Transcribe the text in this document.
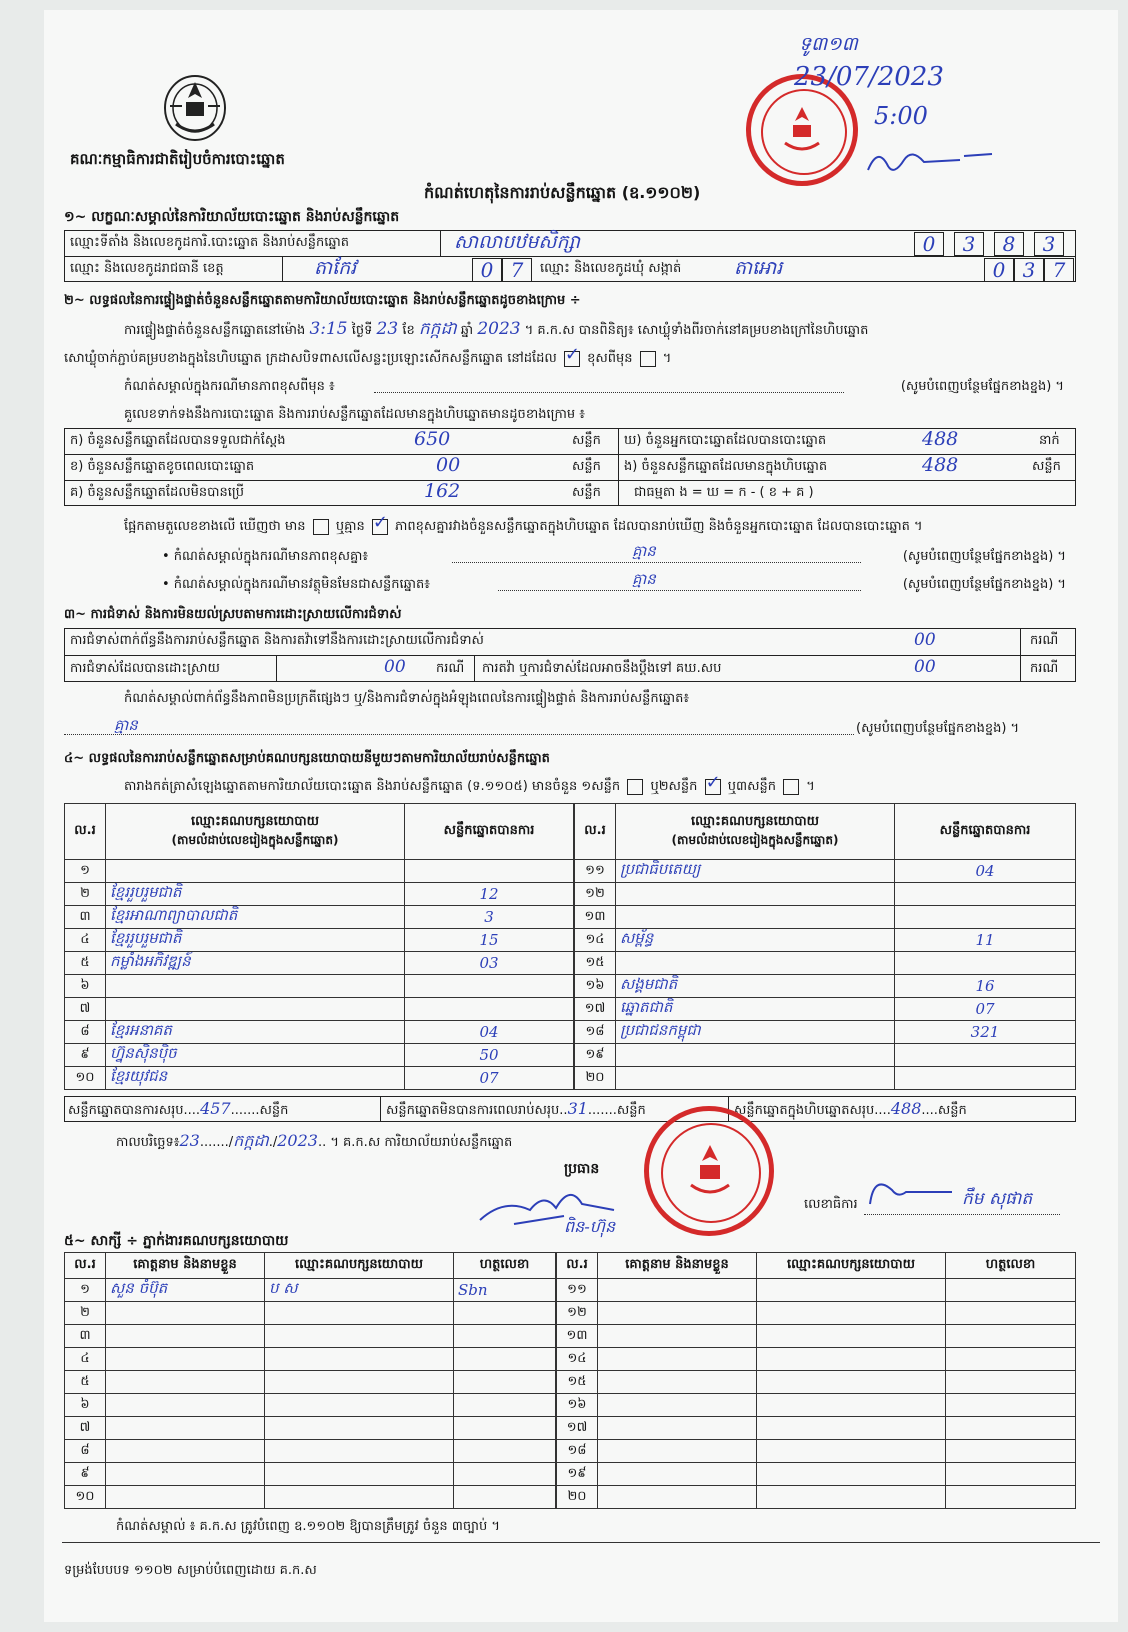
គណៈកម្មាធិការជាតិរៀបចំការបោះឆ្នោត
ទូ៣១៣
23/07/2023
5:00
កំណត់ហេតុនៃការរាប់សន្លឹកឆ្នោត (ឧ.១១០២)
១~ លក្ខណៈសម្គាល់នៃការិយាល័យបោះឆ្នោត និងរាប់សន្លឹកឆ្នោត
ឈ្មោះទីតាំង និងលេខកូដការិ.បោះឆ្នោត និងរាប់សន្លឹកឆ្នោត	សាលាបឋមសិក្សា	0	3	8	3
ឈ្មោះ និងលេខកូដរាជធានី ខេត្ត	តាកែវ	0 7	ឈ្មោះ និងលេខកូដឃុំ សង្កាត់	តាអោរ	0 3 7
២~ លទ្ធផលនៃការផ្ទៀងផ្ទាត់ចំនួនសន្លឹកឆ្នោតតាមការិយាល័យបោះឆ្នោត និងរាប់សន្លឹកឆ្នោតដូចខាងក្រោម ÷
ការផ្ទៀងផ្ទាត់ចំនួនសន្លឹកឆ្នោតនៅម៉ោង 3:15 ថ្ងៃទី 23 ខែ កក្កដា ឆ្នាំ 2023 ។ គ.ក.ស បានពិនិត្យ៖ សោឃ្លុំទាំងពីរចាក់នៅគម្របខាងក្រៅនៃហិបឆ្នោត
សោឃ្លុំចាក់ភ្ជាប់គម្របខាងក្នុងនៃហិបឆ្នោត ក្រដាសបិទពាសលើសន្លះប្រឡោះសើកសន្លឹកឆ្នោត នៅដដែល ✓ ខុសពីមុន  ។
កំណត់សម្គាល់ក្នុងករណីមានភាពខុសពីមុន ៖	(សូមបំពេញបន្ថែមផ្នែកខាងខ្នង) ។
គួលេខទាក់ទងនឹងការបោះឆ្នោត និងការរាប់សន្លឹកឆ្នោតដែលមានក្នុងហិបឆ្នោតមានដូចខាងក្រោម ៖
ក) ចំនួនសន្លឹកឆ្នោតដែលបានទទួលជាក់ស្តែង	650	សន្លឹក
ខ) ចំនួនសន្លឹកឆ្នោតខូចពេលបោះឆ្នោត	00	សន្លឹក
គ) ចំនួនសន្លឹកឆ្នោតដែលមិនបានប្រើ	162	សន្លឹក
ឃ) ចំនួនអ្នកបោះឆ្នោតដែលបានបោះឆ្នោត	488	នាក់
ង) ចំនួនសន្លឹកឆ្នោតដែលមានក្នុងហិបឆ្នោត	488	សន្លឹក
ជាធម្មតា ង = ឃ = ក - ( ខ + គ )
ផ្អែកតាមតួលេខខាងលើ ឃើញថា មាន ឬគ្មាន ✓ ភាពខុសគ្នារវាងចំនួនសន្លឹកឆ្នោតក្នុងហិបឆ្នោត ដែលបានរាប់ឃើញ និងចំនួនអ្នកបោះឆ្នោត ដែលបានបោះឆ្នោត ។
• កំណត់សម្គាល់ក្នុងករណីមានភាពខុសគ្នា៖	គ្មាន	(សូមបំពេញបន្ថែមផ្នែកខាងខ្នង) ។
• កំណត់សម្គាល់ក្នុងករណីមានវត្ថុមិនមែនជាសន្លឹកឆ្នោត៖	គ្មាន	(សូមបំពេញបន្ថែមផ្នែកខាងខ្នង) ។
៣~ ការជំទាស់ និងការមិនយល់ស្របតាមការដោះស្រាយលើការជំទាស់
ការជំទាស់ពាក់ព័ន្ធនឹងការរាប់សន្លឹកឆ្នោត និងការតវ៉ាទៅនឹងការដោះស្រាយលើការជំទាស់	00	ករណី
ការជំទាស់ដែលបានដោះស្រាយ	00 ករណី ការតវ៉ា ឬការជំទាស់ដែលអាចនឹងប្តឹងទៅ គឃ.សប	00	ករណី
កំណត់សម្គាល់ពាក់ព័ន្ធនឹងភាពមិនប្រក្រតីផ្សេងៗ ឬ/និងការជំទាស់ក្នុងអំឡុងពេលនៃការផ្ទៀងផ្ទាត់ និងការរាប់សន្លឹកឆ្នោត៖
គ្មាន	(សូមបំពេញបន្ថែមផ្នែកខាងខ្នង) ។
៤~ លទ្ធផលនៃការរាប់សន្លឹកឆ្នោតសម្រាប់គណបក្សនយោបាយនីមួយៗតាមការិយាល័យរាប់សន្លឹកឆ្នោត
តារាងកត់ត្រាសំឡេងឆ្នោតតាមការិយាល័យបោះឆ្នោត និងរាប់សន្លឹកឆ្នោត (ទ.១១០៥) មានចំនួន ១សន្លឹក ឬ២សន្លឹក ✓ ឬ៣សន្លឹក  ។
ល.រ	ឈ្មោះគណបក្សនយោបាយ
(តាមលំដាប់លេខរៀងក្នុងសន្លឹកឆ្នោត)	សន្លឹកឆ្នោតបានការ
១		
២	ខ្មែររួបរួមជាតិ	12
៣	ខ្មែរអាណាព្យាបាលជាតិ	3
៤	ខ្មែររួបរួមជាតិ	15
៥	កម្លាំងអភិវឌ្ឍន៍	03
៦		
៧		
៨	ខ្មែរអនាគត	04
៩	ហ្វ៊ុនស៊ិនប៉ិច	50
១០	ខ្មែរយុវជន	07
ល.រ	ឈ្មោះគណបក្សនយោបាយ
(តាមលំដាប់លេខរៀងក្នុងសន្លឹកឆ្នោត)	សន្លឹកឆ្នោតបានការ
១១	ប្រជាធិបតេយ្យ	04
១២		
១៣		
១៤	សម្ព័ន្ធ	11
១៥		
១៦	សង្គមជាតិ	16
១៧	ឆ្នោតជាតិ	07
១៨	ប្រជាជនកម្ពុជា	321
១៩		
២០		
សន្លឹកឆ្នោតបានការសរុប....457.......សន្លឹក	សន្លឹកឆ្នោតមិនបានការពេលរាប់សរុប..31.......សន្លឹក	សន្លឹកឆ្នោតក្នុងហិបឆ្នោតសរុប....488....សន្លឹក
កាលបរិច្ឆេទ៖23......./កក្កដា./2023.. ។ គ.ក.ស ការិយាល័យរាប់សន្លឹកឆ្នោត
ប្រធាន
ពិន-ហ៊ុន
លេខាធិការ	កឹម សុផាត
៥~ សាក្សី ÷ ភ្នាក់ងារគណបក្សនយោបាយ
ល.រ	គោត្តនាម និងនាមខ្លួន	ឈ្មោះគណបក្សនយោបាយ	ហត្ថលេខា
១	សួន ចំប៊ុត	ប ស	Sbn
២			
៣			
៤			
៥			
៦			
៧			
៨			
៩			
១០			
ល.រ	គោត្តនាម និងនាមខ្លួន	ឈ្មោះគណបក្សនយោបាយ	ហត្ថលេខា
១១			
១២			
១៣			
១៤			
១៥			
១៦			
១៧			
១៨			
១៩			
២០			
កំណត់សម្គាល់ ៖ គ.ក.ស ត្រូវបំពេញ ឧ.១១០២ ឱ្យបានត្រឹមត្រូវ ចំនួន ៣ច្បាប់ ។
ទម្រង់បែបបទ ១១០២ សម្រាប់បំពេញដោយ គ.ក.ស
